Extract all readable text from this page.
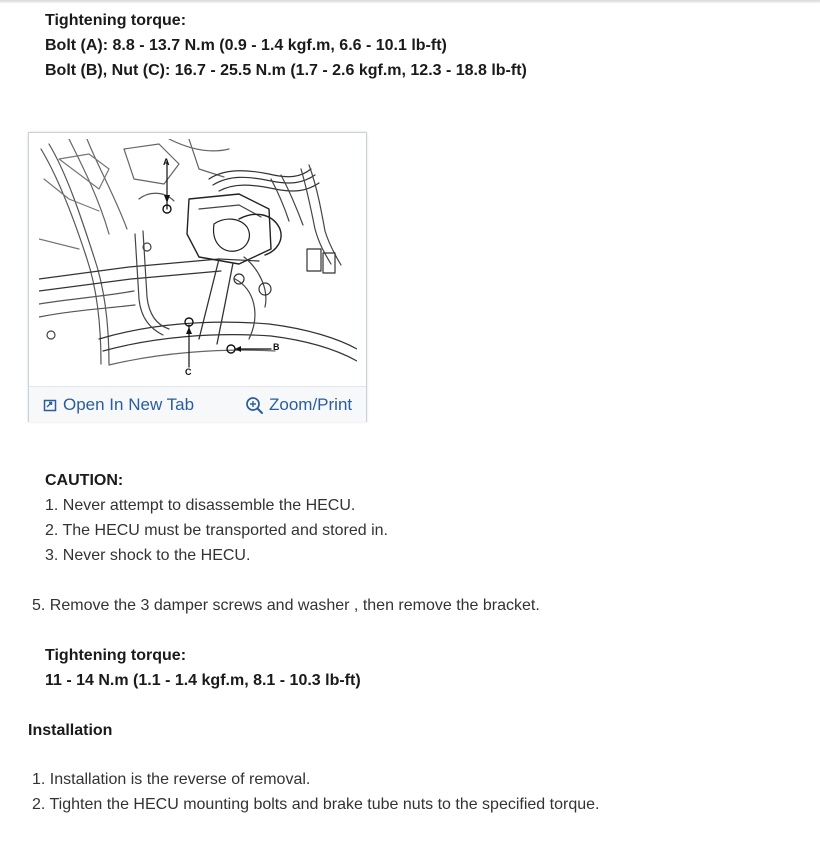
Tightening torque:
Bolt (A): 8.8 - 13.7 N.m (0.9 - 1.4 kgf.m, 6.6 - 10.1 lb-ft)
Bolt (B), Nut (C): 16.7 - 25.5 N.m (1.7 - 2.6 kgf.m, 12.3 - 18.8 lb-ft)
A
C
B
Open In New Tab	Zoom/Print
CAUTION:
1. Never attempt to disassemble the HECU.
2. The HECU must be transported and stored in.
3. Never shock to the HECU.
5. Remove the 3 damper screws and washer , then remove the bracket.
Tightening torque:
11 - 14 N.m (1.1 - 1.4 kgf.m, 8.1 - 10.3 lb-ft)
Installation
1. Installation is the reverse of removal.
2. Tighten the HECU mounting bolts and brake tube nuts to the specified torque.
